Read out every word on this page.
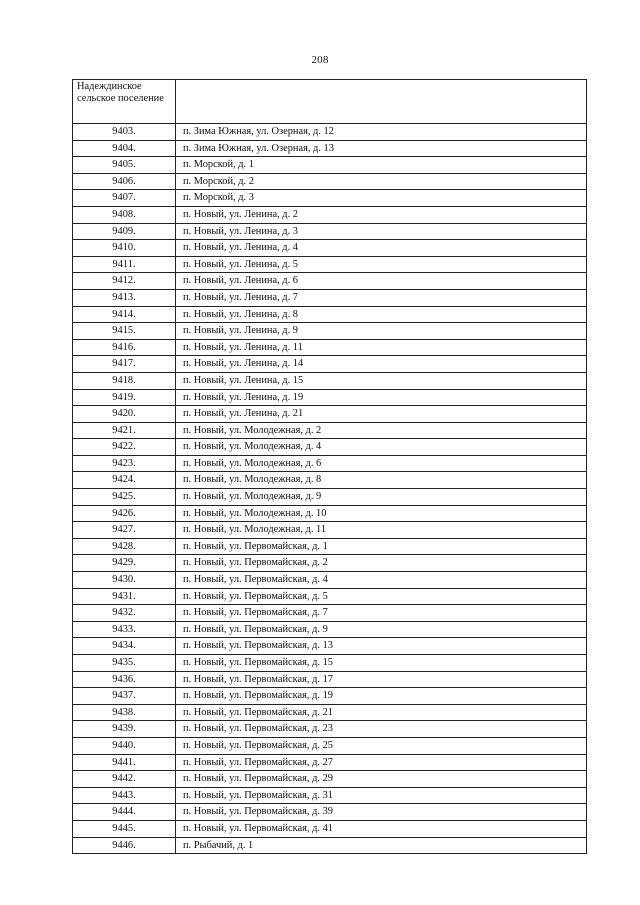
208
Надеждинское сельское поселение	
9403.	п. Зима Южная, ул. Озерная, д. 12
9404.	п. Зима Южная, ул. Озерная, д. 13
9405.	п. Морской, д. 1
9406.	п. Морской, д. 2
9407.	п. Морской, д. 3
9408.	п. Новый, ул. Ленина, д. 2
9409.	п. Новый, ул. Ленина, д. 3
9410.	п. Новый, ул. Ленина, д. 4
9411.	п. Новый, ул. Ленина, д. 5
9412.	п. Новый, ул. Ленина, д. 6
9413.	п. Новый, ул. Ленина, д. 7
9414.	п. Новый, ул. Ленина, д. 8
9415.	п. Новый, ул. Ленина, д. 9
9416.	п. Новый, ул. Ленина, д. 11
9417.	п. Новый, ул. Ленина, д. 14
9418.	п. Новый, ул. Ленина, д. 15
9419.	п. Новый, ул. Ленина, д. 19
9420.	п. Новый, ул. Ленина, д. 21
9421.	п. Новый, ул. Молодежная, д. 2
9422.	п. Новый, ул. Молодежная, д. 4
9423.	п. Новый, ул. Молодежная, д. 6
9424.	п. Новый, ул. Молодежная, д. 8
9425.	п. Новый, ул. Молодежная, д. 9
9426.	п. Новый, ул. Молодежная, д. 10
9427.	п. Новый, ул. Молодежная, д. 11
9428.	п. Новый, ул. Первомайская, д. 1
9429.	п. Новый, ул. Первомайская, д. 2
9430.	п. Новый, ул. Первомайская, д. 4
9431.	п. Новый, ул. Первомайская, д. 5
9432.	п. Новый, ул. Первомайская, д. 7
9433.	п. Новый, ул. Первомайская, д. 9
9434.	п. Новый, ул. Первомайская, д. 13
9435.	п. Новый, ул. Первомайская, д. 15
9436.	п. Новый, ул. Первомайская, д. 17
9437.	п. Новый, ул. Первомайская, д. 19
9438.	п. Новый, ул. Первомайская, д. 21
9439.	п. Новый, ул. Первомайская, д. 23
9440.	п. Новый, ул. Первомайская, д. 25
9441.	п. Новый, ул. Первомайская, д. 27
9442.	п. Новый, ул. Первомайская, д. 29
9443.	п. Новый, ул. Первомайская, д. 31
9444.	п. Новый, ул. Первомайская, д. 39
9445.	п. Новый, ул. Первомайская, д. 41
9446.	п. Рыбачий, д. 1
